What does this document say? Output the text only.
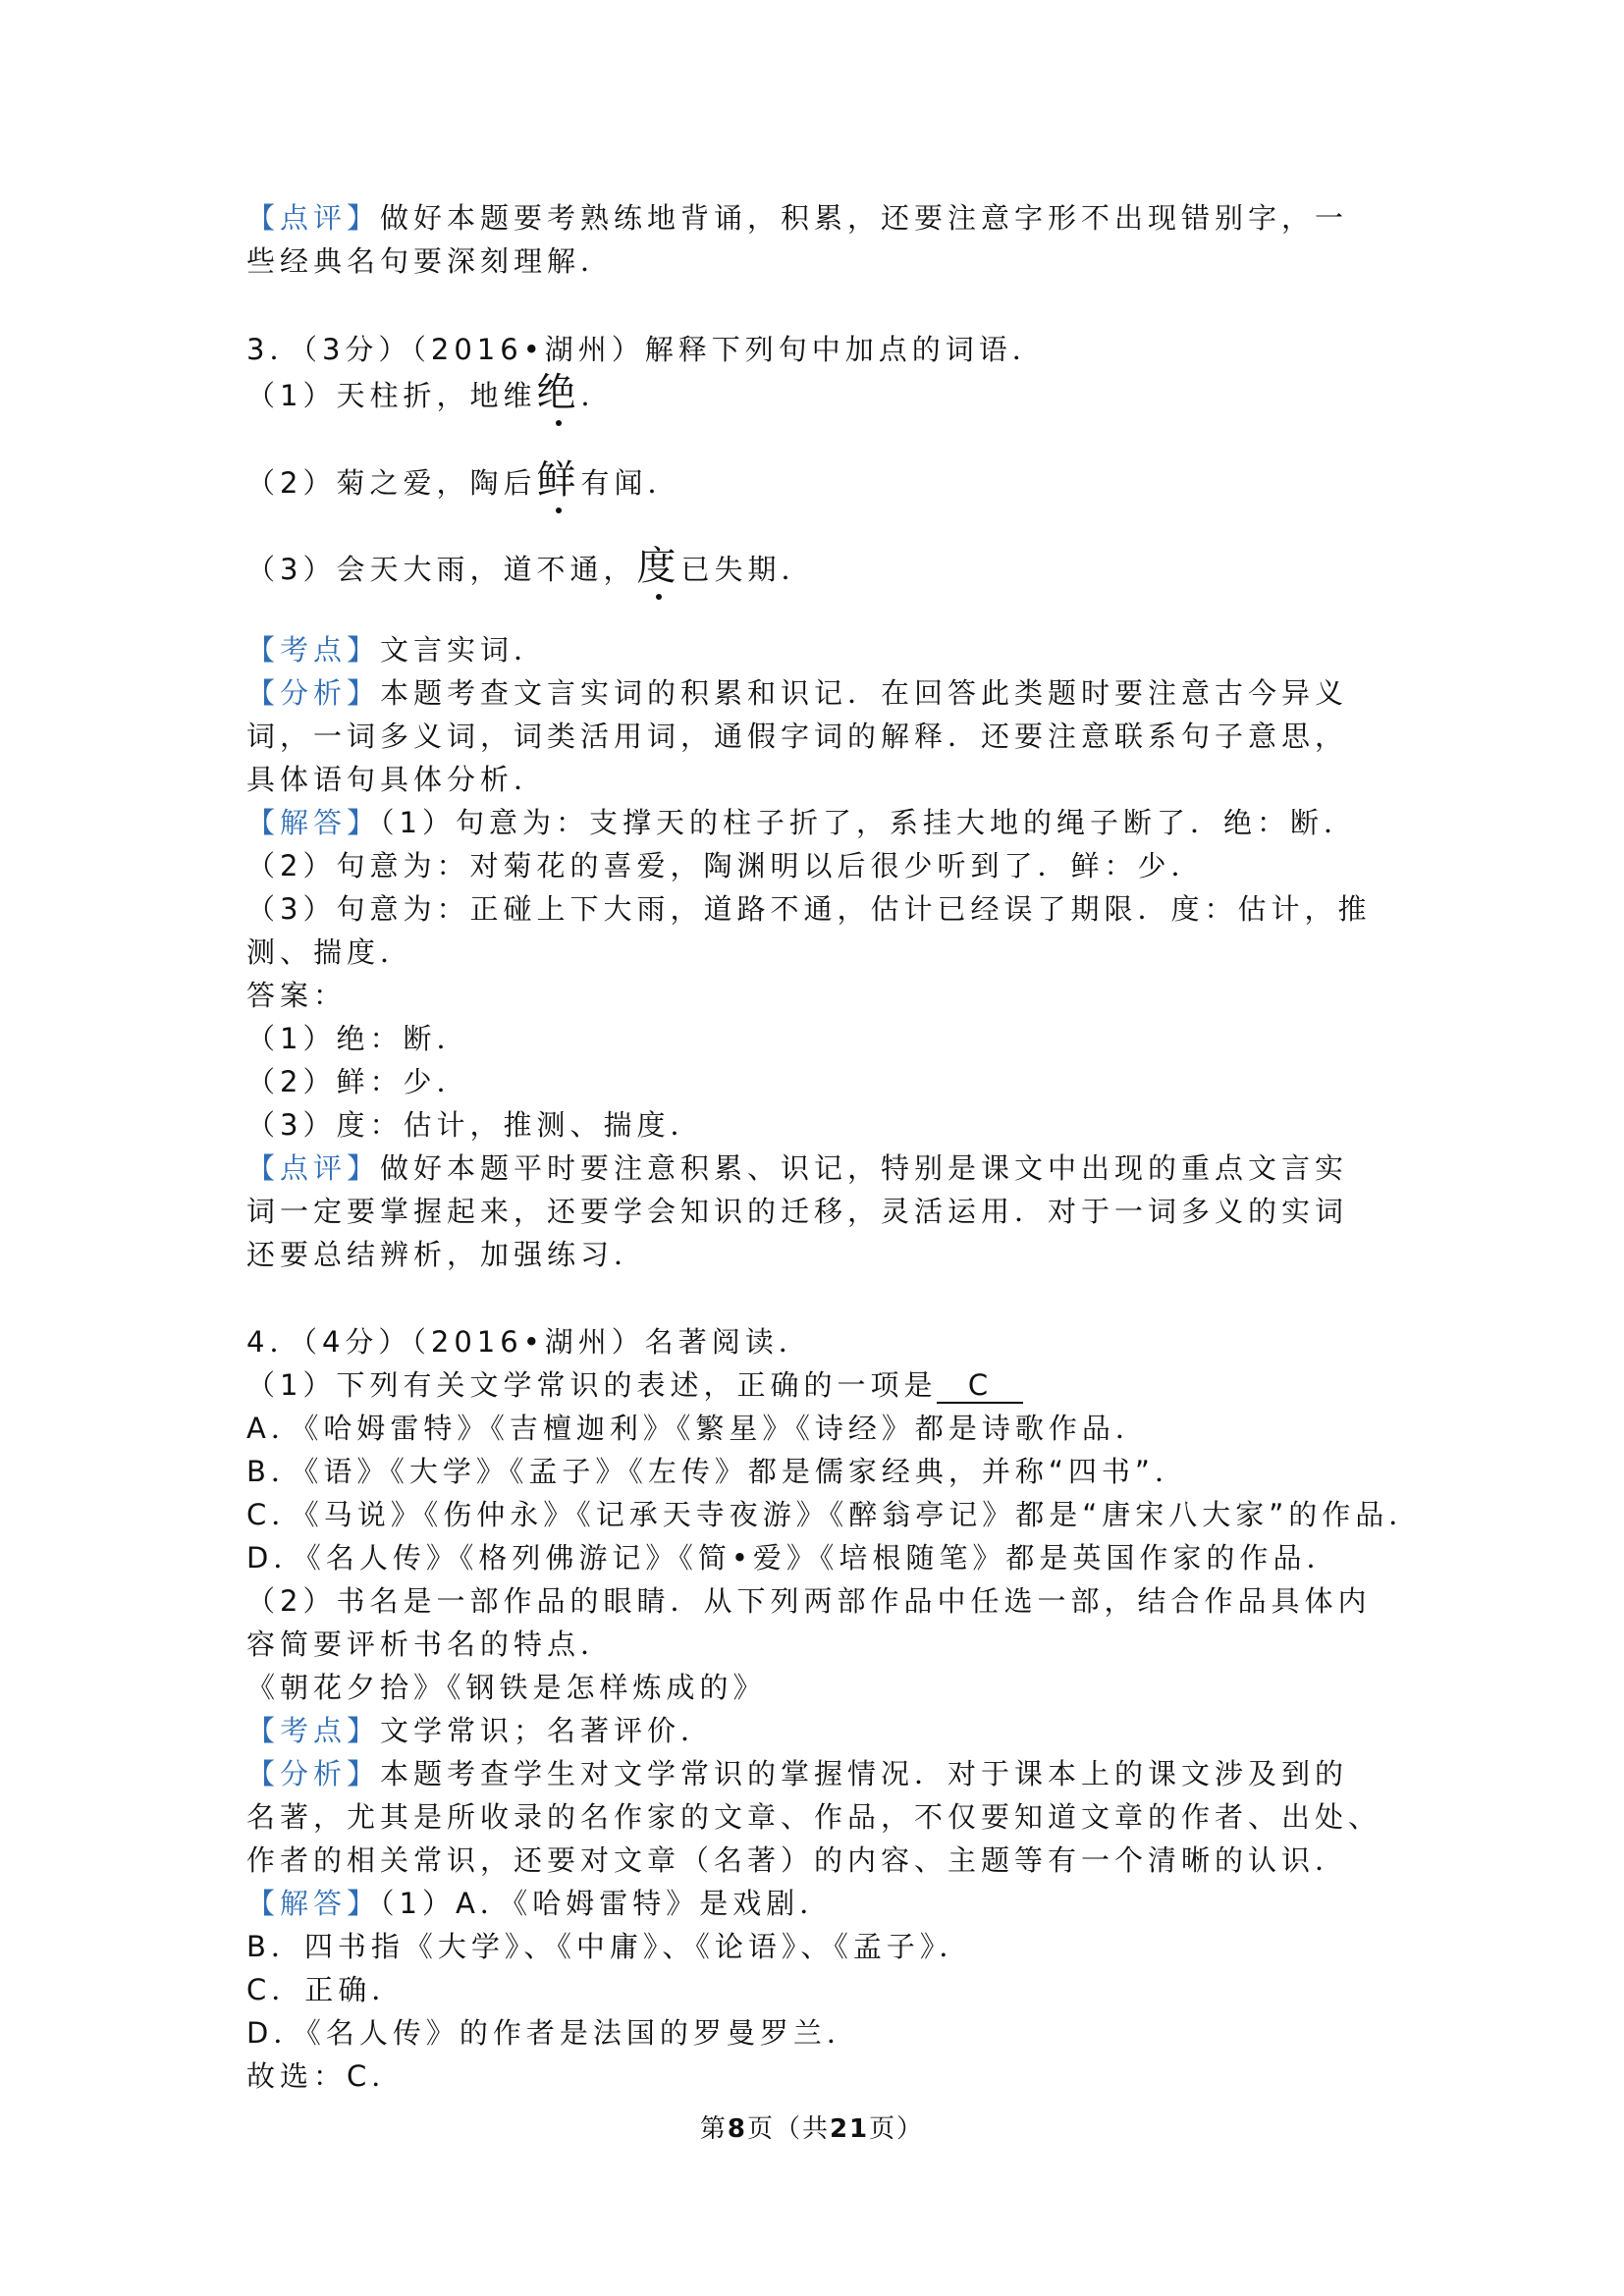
【点评】做好本题要考熟练地背诵，积累，还要注意字形不出现错别字，一
些经典名句要深刻理解．
3．（3分）（2016•湖州）解释下列句中加点的词语．
（1）天柱折，地维绝．
（2）菊之爱，陶后鲜有闻．
（3）会天大雨，道不通，度已失期．
【考点】文言实词．
【分析】本题考查文言实词的积累和识记．在回答此类题时要注意古今异义
词，一词多义词，词类活用词，通假字词的解释．还要注意联系句子意思，
具体语句具体分析．
【解答】（1）句意为：支撑天的柱子折了，系挂大地的绳子断了．绝：断．
（2）句意为：对菊花的喜爱，陶渊明以后很少听到了．鲜：少．
（3）句意为：正碰上下大雨，道路不通，估计已经误了期限．度：估计，推
测、揣度．
答案：
（1）绝：断．
（2）鲜：少．
（3）度：估计，推测、揣度．
【点评】做好本题平时要注意积累、识记，特别是课文中出现的重点文言实
词一定要掌握起来，还要学会知识的迁移，灵活运用．对于一词多义的实词
还要总结辨析，加强练习．
4．（4分）（2016•湖州）名著阅读．
（1）下列有关文学常识的表述，正确的一项是 C
A．《哈姆雷特》《吉檀迦利》《繁星》《诗经》都是诗歌作品．
B．《语》《大学》《孟子》《左传》都是儒家经典，并称“四书”．
C．《马说》《伤仲永》《记承天寺夜游》《醉翁亭记》都是“唐宋八大家”的作品．
D．《名人传》《格列佛游记》《简•爱》《培根随笔》都是英国作家的作品．
（2）书名是一部作品的眼睛．从下列两部作品中任选一部，结合作品具体内
容简要评析书名的特点．
《朝花夕拾》《钢铁是怎样炼成的》
【考点】文学常识；名著评价．
【分析】本题考查学生对文学常识的掌握情况．对于课本上的课文涉及到的
名著，尤其是所收录的名作家的文章、作品，不仅要知道文章的作者、出处、
作者的相关常识，还要对文章（名著）的内容、主题等有一个清晰的认识．
【解答】（1）A．《哈姆雷特》是戏剧．
B．四书指《大学》、《中庸》、《论语》、《孟子》．
C．正确．
D．《名人传》的作者是法国的罗曼罗兰．
故选：C．
第8页（共21页）
